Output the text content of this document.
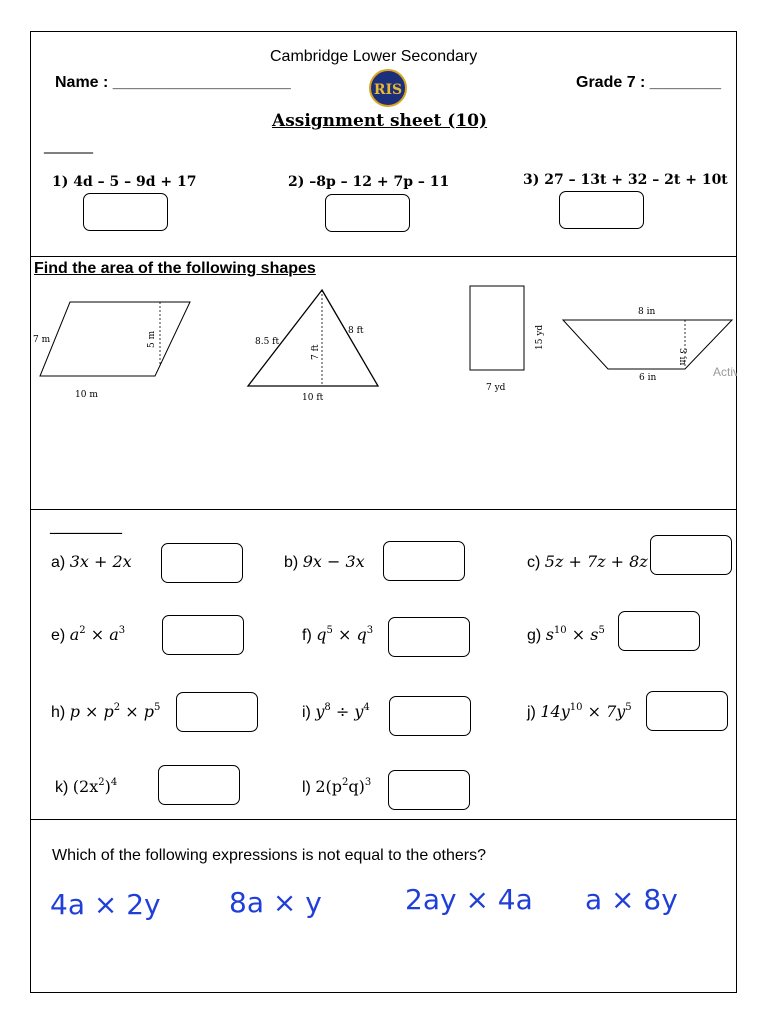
Cambridge Lower Secondary
Name : ____________________	Grade 7 : ________
RIS
Assignment sheet (10)
_______
1) 4d – 5 – 9d + 17	2) –8p – 12 + 7p – 11	3) 27 – 13t + 32 – 2t + 10t
Find the area of the following shapes
7 m	5 m
10 m
8.5 ft
8 ft
7 ft
10 ft
15 yd
7 yd
8 in
3 in
6 in	Activ
_________
a) 3x + 2x	b) 9x − 3x	c) 5z + 7z + 8z
e) $a^2 \times a^3$	f) $q^5 \times q^3$	g) $s^{10} \times s^5$
h) $p \times p^2 \times p^5$	i) $y^8 \div y^4$	j) $14y^{10} \times 7y^5$
k) $(2x^2)^4$	l) $2(p^2q)^3$
Which of the following expressions is not equal to the others?
4a × 2y 8a × y	2ay × 4a a × 8y
